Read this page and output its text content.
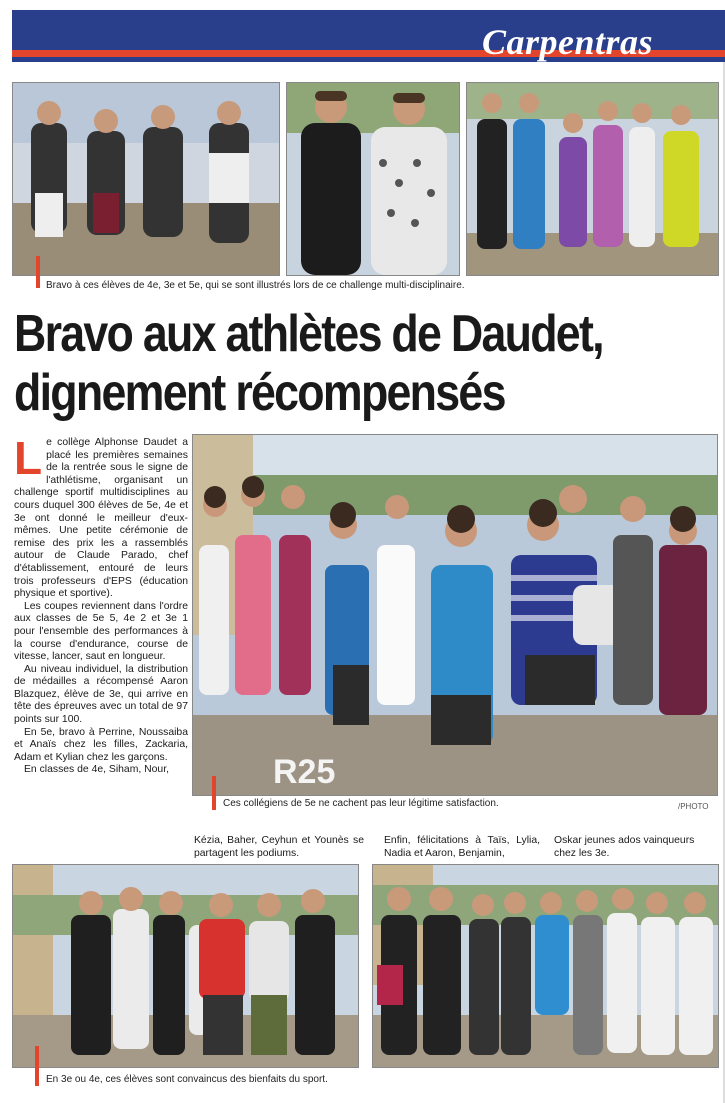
Carpentras
Bravo à ces élèves de 4e, 3e et 5e, qui se sont illustrés lors de ce challenge multi-disciplinaire.
Bravo aux athlètes de Daudet,
dignement récompensés
L e collège Alphonse Daudet a placé les premières semaines de la rentrée sous le signe de l'athlétisme, organisant un challenge sportif multidisciplines au cours duquel 300 élèves de 5e, 4e et 3e ont donné le meilleur d'eux-mêmes. Une petite cérémonie de remise des prix les a rassemblés autour de Claude Parado, chef d'établissement, entouré de leurs trois professeurs d'EPS (éducation physique et sportive).

Les coupes reviennent dans l'ordre aux classes de 5e 5, 4e 2 et 3e 1 pour l'ensemble des performances à la course d'endurance, course de vitesse, lancer, saut en longueur.

Au niveau individuel, la distribution de médailles a récompensé Aaron Blazquez, élève de 3e, qui arrive en tête des épreuves avec un total de 97 points sur 100.

En 5e, bravo à Perrine, Noussaiba et Anaïs chez les filles, Zackaria, Adam et Kylian chez les garçons.

En classes de 4e, Siham, Nour,	R25
Ces collégiens de 5e ne cachent pas leur légitime satisfaction.	/PHOTO

Kézia, Baher, Ceyhun et Younès se partagent les podiums.

Enfin, félicitations à Taïs, Lylia, Nadia et Aaron, Benjamin,

Oskar jeunes ados vainqueurs chez les 3e.

En 3e ou 4e, ces élèves sont convaincus des bienfaits du sport.
